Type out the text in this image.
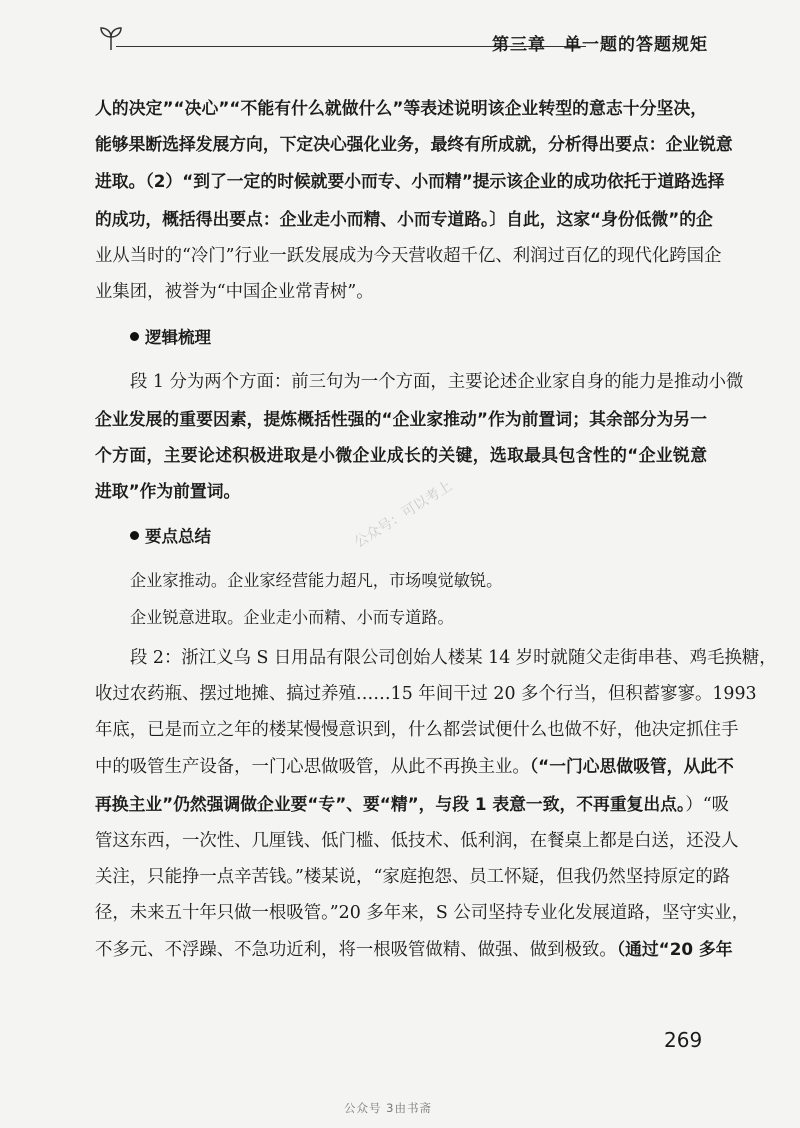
第三章 单一题的答题规矩
人的决定”“决心”“不能有什么就做什么”等表述说明该企业转型的意志十分坚决，
能够果断选择发展方向，下定决心强化业务，最终有所成就，分析得出要点：企业锐意
进取。（2）“到了一定的时候就要小而专、小而精”提示该企业的成功依托于道路选择
的成功，概括得出要点：企业走小而精、小而专道路。〕自此，这家“身份低微”的企
业从当时的“冷门”行业一跃发展成为今天营收超千亿、利润过百亿的现代化跨国企
业集团，被誉为“中国企业常青树”。
逻辑梳理
段 1 分为两个方面：前三句为一个方面，主要论述企业家自身的能力是推动小微
企业发展的重要因素，提炼概括性强的“企业家推动”作为前置词；其余部分为另一
个方面，主要论述积极进取是小微企业成长的关键，选取最具包含性的“企业锐意
进取”作为前置词。
要点总结
企业家推动。企业家经营能力超凡，市场嗅觉敏锐。
企业锐意进取。企业走小而精、小而专道路。
段 2：浙江义乌 S 日用品有限公司创始人楼某 14 岁时就随父走街串巷、鸡毛换糖，
收过农药瓶、摆过地摊、搞过养殖……15 年间干过 20 多个行当，但积蓄寥寥。1993
年底，已是而立之年的楼某慢慢意识到，什么都尝试便什么也做不好，他决定抓住手
中的吸管生产设备，一门心思做吸管，从此不再换主业。（“一门心思做吸管，从此不
再换主业”仍然强调做企业要“专”、要“精”，与段 1 表意一致，不再重复出点。）“吸
管这东西，一次性、几厘钱、低门槛、低技术、低利润，在餐桌上都是白送，还没人
关注，只能挣一点辛苦钱。”楼某说，“家庭抱怨、员工怀疑，但我仍然坚持原定的路
径，未来五十年只做一根吸管。”20 多年来，S 公司坚持专业化发展道路，坚守实业，
不多元、不浮躁、不急功近利，将一根吸管做精、做强、做到极致。（通过“20 多年
公众号：可以考上
269
公众号 3由书斋
